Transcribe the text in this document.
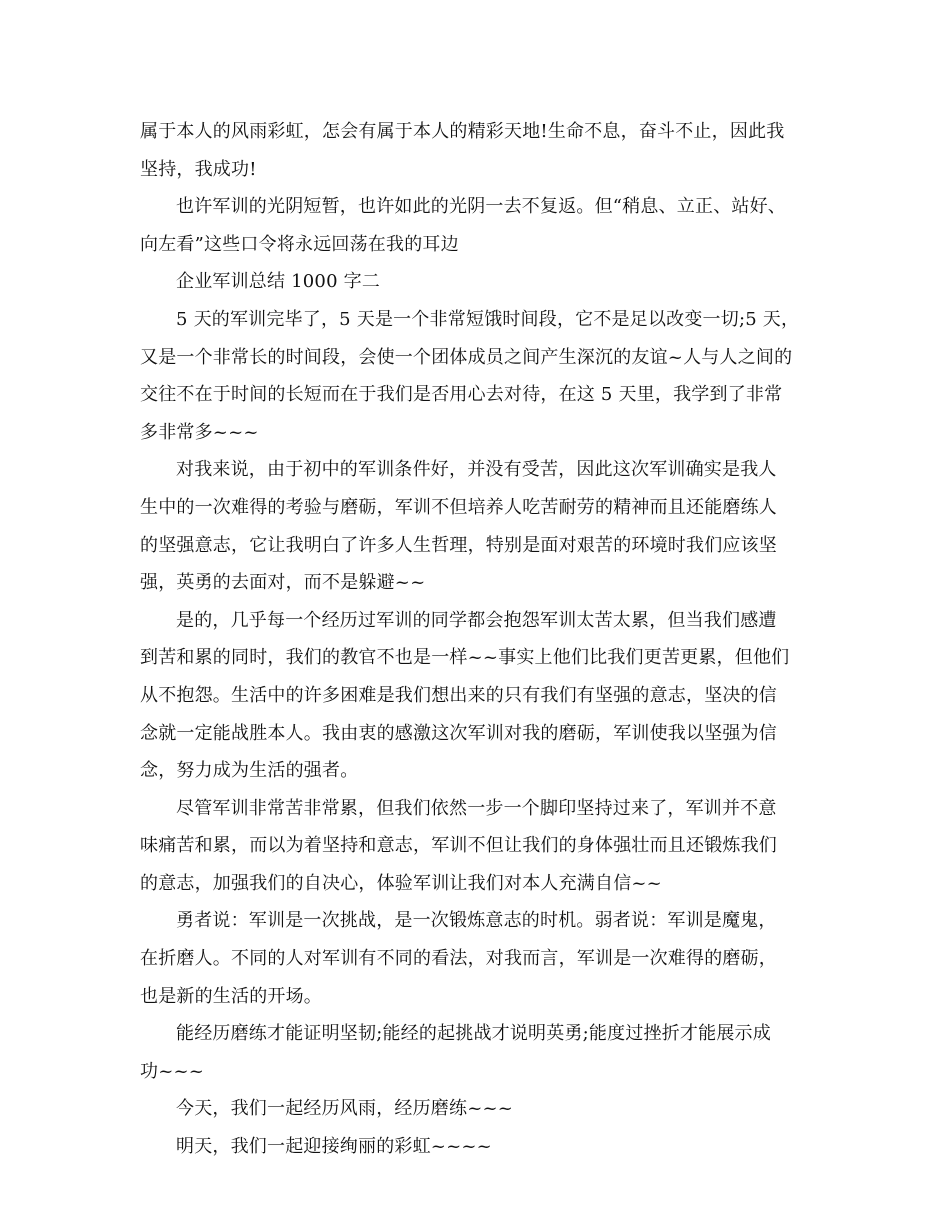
属于本人的风雨彩虹，怎会有属于本人的精彩天地!生命不息，奋斗不止，因此我
坚持，我成功!
也许军训的光阴短暂，也许如此的光阴一去不复返。但“稍息、立正、站好、
向左看”这些口令将永远回荡在我的耳边
企业军训总结 1000 字二
5 天的军训完毕了，5 天是一个非常短饿时间段，它不是足以改变一切;5 天，
又是一个非常长的时间段，会使一个团体成员之间产生深沉的友谊~人与人之间的
交往不在于时间的长短而在于我们是否用心去对待，在这 5 天里，我学到了非常
多非常多~~~
对我来说，由于初中的军训条件好，并没有受苦，因此这次军训确实是我人
生中的一次难得的考验与磨砺，军训不但培养人吃苦耐劳的精神而且还能磨练人
的坚强意志，它让我明白了许多人生哲理，特别是面对艰苦的环境时我们应该坚
强，英勇的去面对，而不是躲避~~
是的，几乎每一个经历过军训的同学都会抱怨军训太苦太累，但当我们感遭
到苦和累的同时，我们的教官不也是一样~~事实上他们比我们更苦更累，但他们
从不抱怨。生活中的许多困难是我们想出来的只有我们有坚强的意志，坚决的信
念就一定能战胜本人。我由衷的感激这次军训对我的磨砺，军训使我以坚强为信
念，努力成为生活的强者。
尽管军训非常苦非常累，但我们依然一步一个脚印坚持过来了，军训并不意
味痛苦和累，而以为着坚持和意志，军训不但让我们的身体强壮而且还锻炼我们
的意志，加强我们的自决心，体验军训让我们对本人充满自信~~
勇者说：军训是一次挑战，是一次锻炼意志的时机。弱者说：军训是魔鬼，
在折磨人。不同的人对军训有不同的看法，对我而言，军训是一次难得的磨砺，
也是新的生活的开场。
能经历磨练才能证明坚韧;能经的起挑战才说明英勇;能度过挫折才能展示成
功~~~
今天，我们一起经历风雨，经历磨练~~~
明天，我们一起迎接绚丽的彩虹~~~~
